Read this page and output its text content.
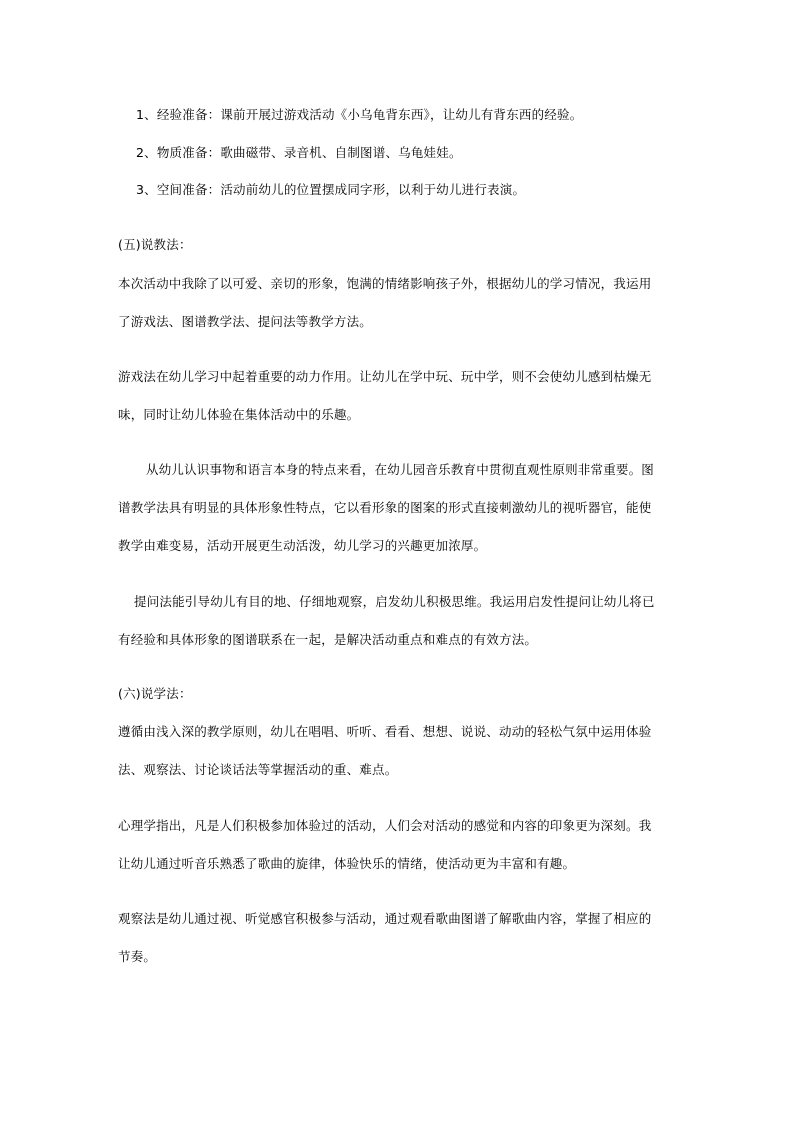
1、经验准备：课前开展过游戏活动《小乌龟背东西》，让幼儿有背东西的经验。
2、物质准备：歌曲磁带、录音机、自制图谱、乌龟娃娃。
3、空间准备：活动前幼儿的位置摆成同字形，以利于幼儿进行表演。
(五)说教法：
本次活动中我除了以可爱、亲切的形象，饱满的情绪影响孩子外，根据幼儿的学习情况，我运用
了游戏法、图谱教学法、提问法等教学方法。
游戏法在幼儿学习中起着重要的动力作用。让幼儿在学中玩、玩中学，则不会使幼儿感到枯燥无
味，同时让幼儿体验在集体活动中的乐趣。
从幼儿认识事物和语言本身的特点来看，在幼儿园音乐教育中贯彻直观性原则非常重要。图
谱教学法具有明显的具体形象性特点，它以看形象的图案的形式直接刺激幼儿的视听器官，能使
教学由难变易，活动开展更生动活泼，幼儿学习的兴趣更加浓厚。
提问法能引导幼儿有目的地、仔细地观察，启发幼儿积极思维。我运用启发性提问让幼儿将已
有经验和具体形象的图谱联系在一起，是解决活动重点和难点的有效方法。
(六)说学法：
遵循由浅入深的教学原则，幼儿在唱唱、听听、看看、想想、说说、动动的轻松气氛中运用体验
法、观察法、讨论谈话法等掌握活动的重、难点。
心理学指出，凡是人们积极参加体验过的活动，人们会对活动的感觉和内容的印象更为深刻。我
让幼儿通过听音乐熟悉了歌曲的旋律，体验快乐的情绪，使活动更为丰富和有趣。
观察法是幼儿通过视、听觉感官积极参与活动，通过观看歌曲图谱了解歌曲内容，掌握了相应的
节奏。
